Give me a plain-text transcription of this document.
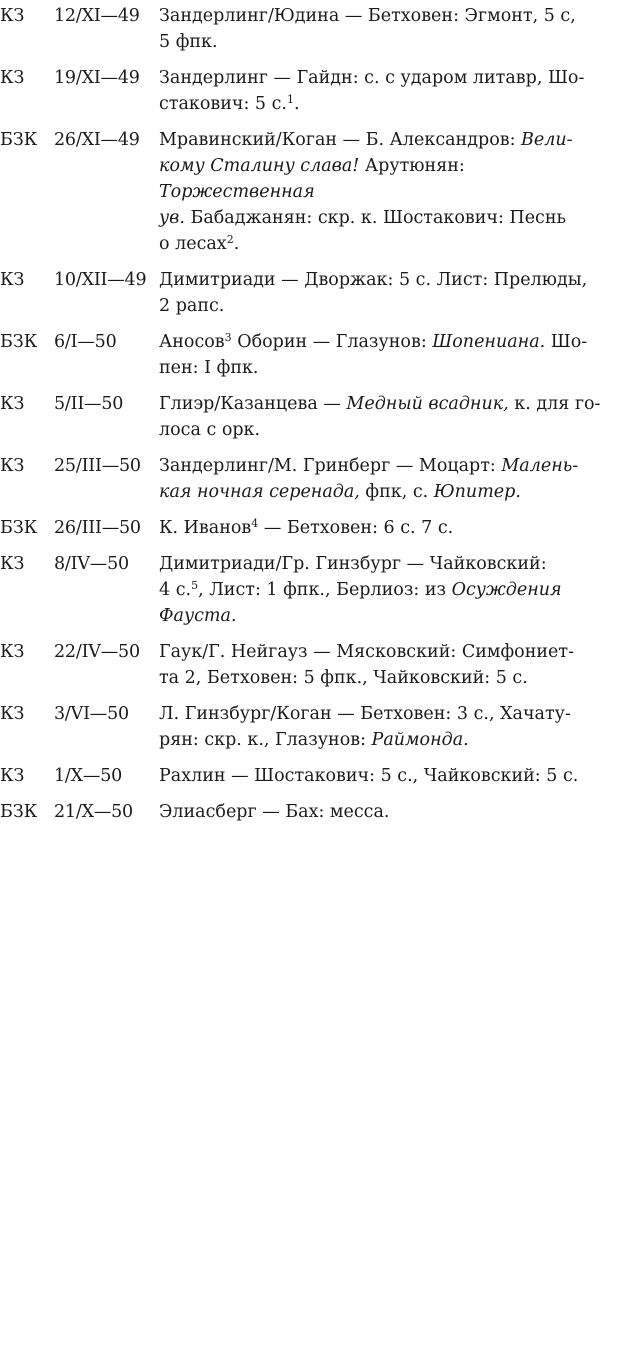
КЗ	12/XI—49	Зандерлинг/Юдина — Бетховен: Эгмонт, 5 с,
5 фпк.

КЗ	19/XI—49	Зандерлинг — Гайдн: с. с ударом литавр, Шо-
стакович: 5 с.$^1$.

БЗК 26/XI—49	Мравинский/Коган — Б. Александров: Вели-
кому Сталину слава! Арутюнян: Торжественная
ув. Бабаджанян: скр. к. Шостакович: Песнь
о лесах$^2$.

КЗ	10/XII—49 Димитриади — Дворжак: 5 с. Лист: Прелюды,
2 рапс.

БЗК 6/I—50	Аносов$^3$ Оборин — Глазунов: Шопениана. Шо-
пен: I фпк.

КЗ	5/II—50	Глиэр/Казанцева — Медный всадник, к. для го-
лоса с орк.

КЗ	25/III—50	Зандерлинг/М. Гринберг — Моцарт: Малень-
кая ночная серенада, фпк, с. Юпитер.

БЗК 26/III—50	К. Иванов$^4$ — Бетховен: 6 с. 7 с.

КЗ	8/IV—50	Димитриади/Гр. Гинзбург — Чайковский:
4 с.$^5$, Лист: 1 фпк., Берлиоз: из Осуждения
Фауста.

КЗ	22/IV—50	Гаук/Г. Нейгауз — Мясковский: Симфониет-
та 2, Бетховен: 5 фпк., Чайковский: 5 с.

КЗ	3/VI—50	Л. Гинзбург/Коган — Бетховен: 3 с., Хачату-
рян: скр. к., Глазунов: Раймонда.

КЗ	1/X—50	Рахлин — Шостакович: 5 с., Чайковский: 5 с.

БЗК 21/X—50	Элиасберг — Бах: месса.
